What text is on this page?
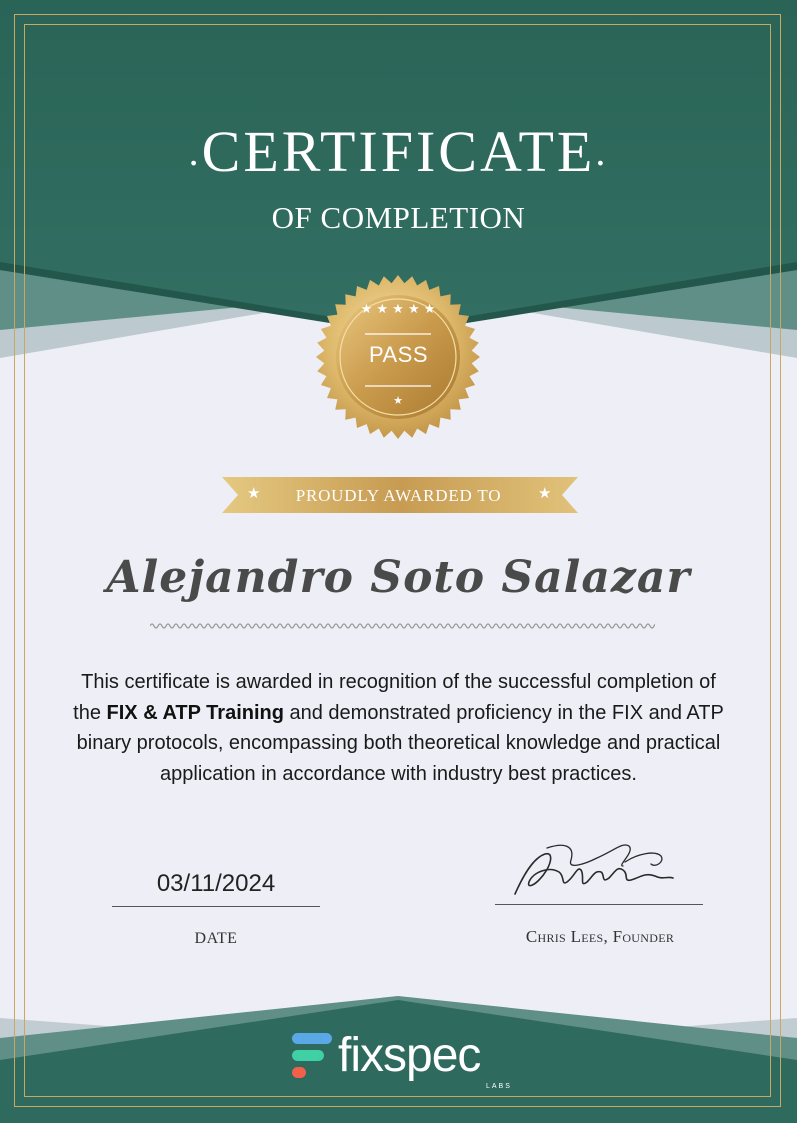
.CERTIFICATE.
OF COMPLETION
★ ★ ★ ★ ★
★
PASS
★	★
PROUDLY AWARDED TO
Alejandro Soto Salazar
This certificate is awarded in recognition of the successful completion of the FIX & ATP Training and demonstrated proficiency in the FIX and ATP binary protocols, encompassing both theoretical knowledge and practical application in accordance with industry best practices.
03/11/2024
DATE	Chris Lees, Founder
fixspec
LABS
